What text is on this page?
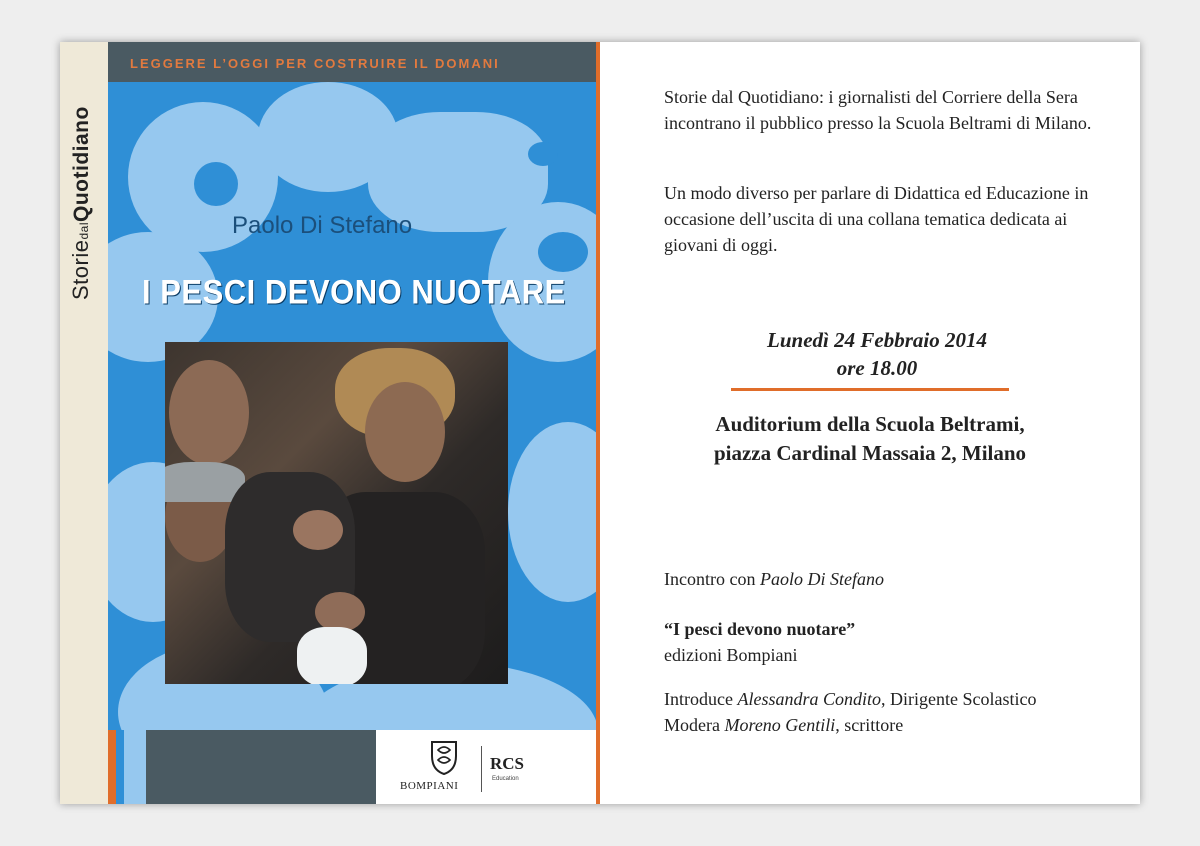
LEGGERE L’OGGI PER COSTRUIRE IL DOMANI
StoriedalQuotidiano
Paolo Di Stefano
I PESCI DEVONO NUOTARE
BOMPIANI
RCS
Education
Storie dal Quotidiano: i giornalisti del Corriere della Sera incontrano il pubblico presso la Scuola Beltrami di Milano.
Un modo diverso per parlare di Didattica ed Educazione in occasione dell’uscita di una collana tematica dedicata ai giovani di oggi.
Lunedì 24 Febbraio 2014
ore 18.00
Auditorium della Scuola Beltrami,
piazza Cardinal Massaia 2, Milano
Incontro con Paolo Di Stefano
“I pesci devono nuotare”
edizioni Bompiani
Introduce Alessandra Condito, Dirigente Scolastico
Modera Moreno Gentili, scrittore
